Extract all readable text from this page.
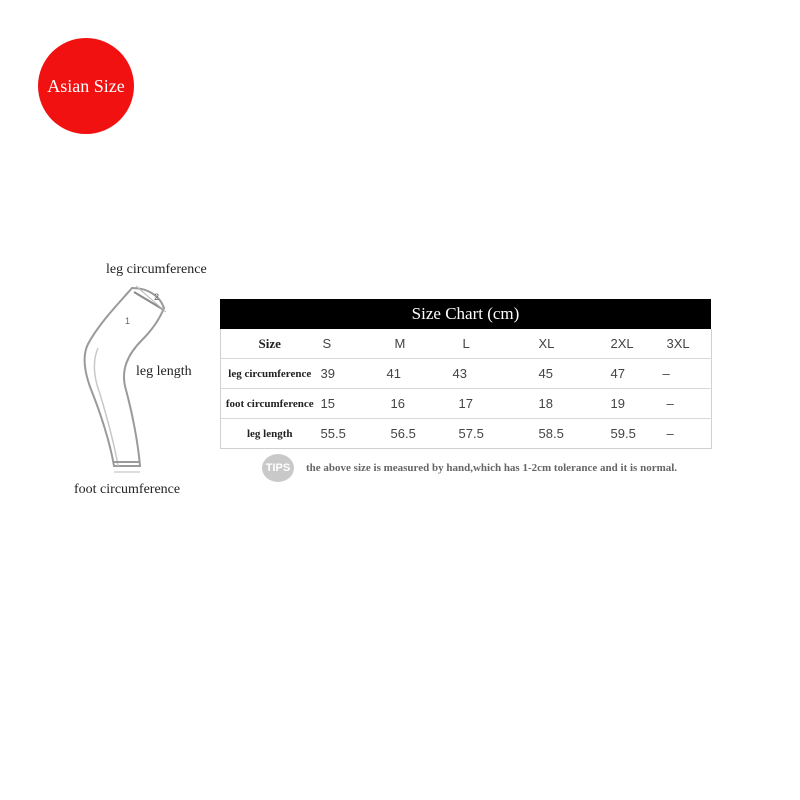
Asian Size
leg circumference
leg length
foot circumference
2
1	Size Chart (cm)
Size	S	M	L	XL	2XL	3XL
leg circumference	39	41	43	45	47	–
foot circumference	15	16	17	18	19	–
leg length	55.5	56.5	57.5	58.5	59.5	–
TIPS the above size is measured by hand,which has 1-2cm tolerance and it is normal.
